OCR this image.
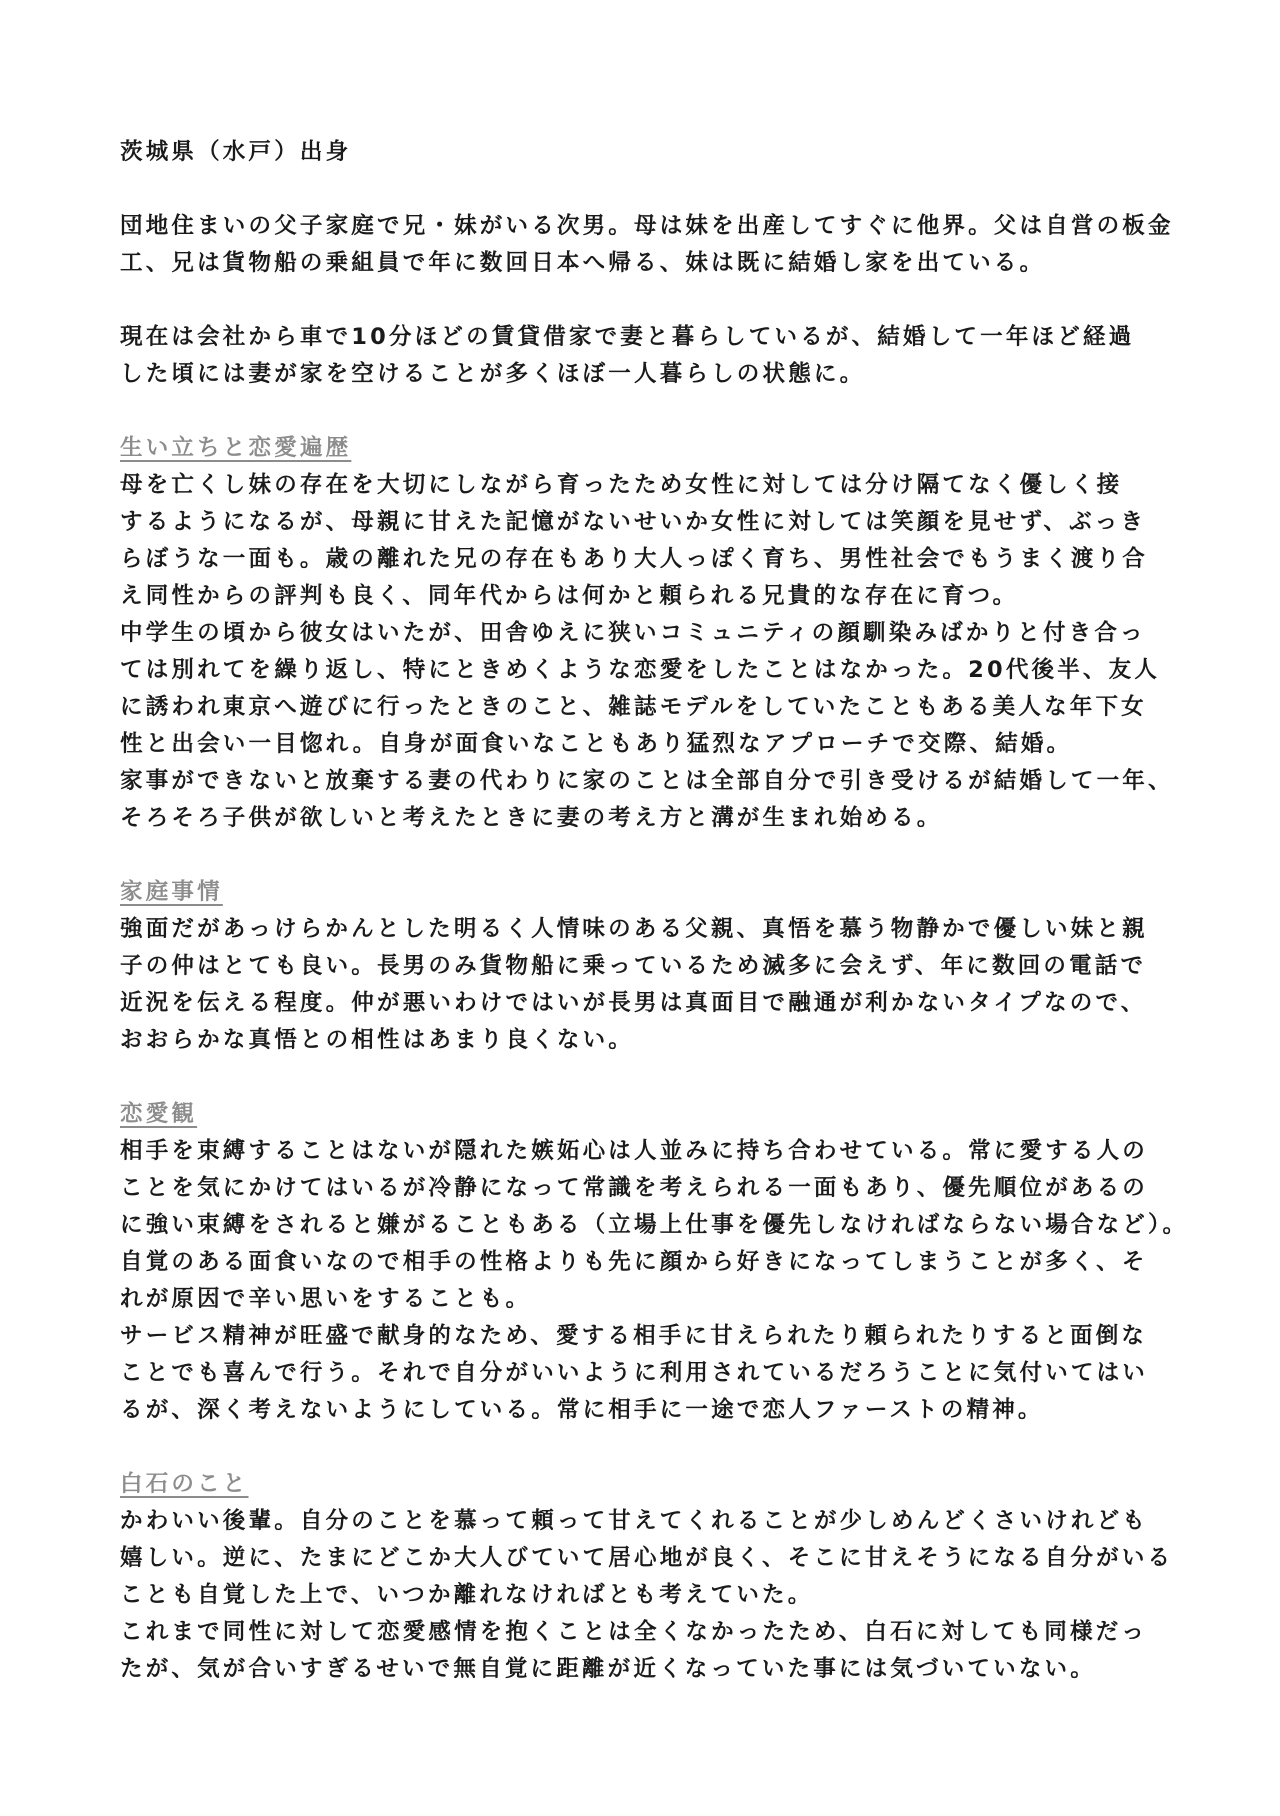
茨城県（水戸）出身
団地住まいの父子家庭で兄・妹がいる次男。母は妹を出産してすぐに他界。父は自営の板金
工、兄は貨物船の乗組員で年に数回日本へ帰る、妹は既に結婚し家を出ている。
現在は会社から車で10分ほどの賃貸借家で妻と暮らしているが、結婚して一年ほど経過
した頃には妻が家を空けることが多くほぼ一人暮らしの状態に。
生い立ちと恋愛遍歴
母を亡くし妹の存在を大切にしながら育ったため女性に対しては分け隔てなく優しく接
するようになるが、母親に甘えた記憶がないせいか女性に対しては笑顔を見せず、ぶっき
らぼうな一面も。歳の離れた兄の存在もあり大人っぽく育ち、男性社会でもうまく渡り合
え同性からの評判も良く、同年代からは何かと頼られる兄貴的な存在に育つ。
中学生の頃から彼女はいたが、田舎ゆえに狭いコミュニティの顔馴染みばかりと付き合っ
ては別れてを繰り返し、特にときめくような恋愛をしたことはなかった。20代後半、友人
に誘われ東京へ遊びに行ったときのこと、雑誌モデルをしていたこともある美人な年下女
性と出会い一目惚れ。自身が面食いなこともあり猛烈なアプローチで交際、結婚。
家事ができないと放棄する妻の代わりに家のことは全部自分で引き受けるが結婚して一年、
そろそろ子供が欲しいと考えたときに妻の考え方と溝が生まれ始める。
家庭事情
強面だがあっけらかんとした明るく人情味のある父親、真悟を慕う物静かで優しい妹と親
子の仲はとても良い。長男のみ貨物船に乗っているため滅多に会えず、年に数回の電話で
近況を伝える程度。仲が悪いわけではいが長男は真面目で融通が利かないタイプなので、
おおらかな真悟との相性はあまり良くない。
恋愛観
相手を束縛することはないが隠れた嫉妬心は人並みに持ち合わせている。常に愛する人の
ことを気にかけてはいるが冷静になって常識を考えられる一面もあり、優先順位があるの
に強い束縛をされると嫌がることもある（立場上仕事を優先しなければならない場合など）。
自覚のある面食いなので相手の性格よりも先に顔から好きになってしまうことが多く、そ
れが原因で辛い思いをすることも。
サービス精神が旺盛で献身的なため、愛する相手に甘えられたり頼られたりすると面倒な
ことでも喜んで行う。それで自分がいいように利用されているだろうことに気付いてはい
るが、深く考えないようにしている。常に相手に一途で恋人ファーストの精神。
白石のこと
かわいい後輩。自分のことを慕って頼って甘えてくれることが少しめんどくさいけれども
嬉しい。逆に、たまにどこか大人びていて居心地が良く、そこに甘えそうになる自分がいる
ことも自覚した上で、いつか離れなければとも考えていた。
これまで同性に対して恋愛感情を抱くことは全くなかったため、白石に対しても同様だっ
たが、気が合いすぎるせいで無自覚に距離が近くなっていた事には気づいていない。
